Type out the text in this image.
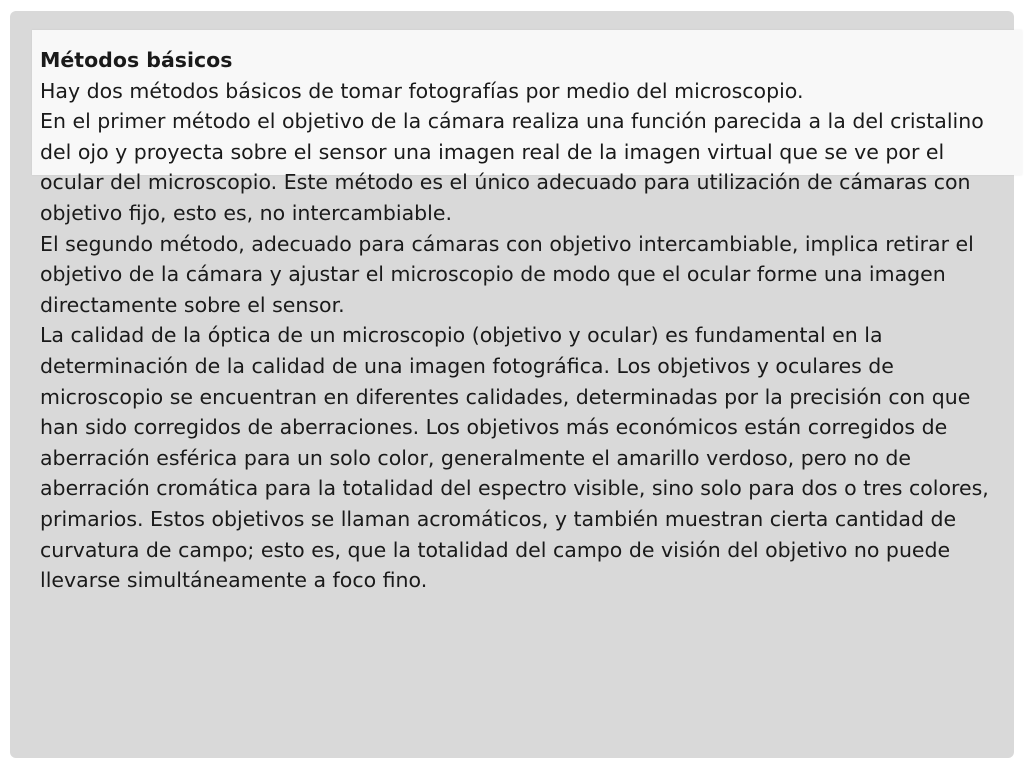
Métodos básicos

Hay dos métodos básicos de tomar fotografías por medio del microscopio.

En el primer método el objetivo de la cámara realiza una función parecida a la del cristalino del ojo y proyecta sobre el sensor una imagen real de la imagen virtual que se ve por el ocular del microscopio. Este método es el único adecuado para utilización de cámaras con objetivo fijo, esto es, no intercambiable.

El segundo método, adecuado para cámaras con objetivo intercambiable, implica retirar el objetivo de la cámara y ajustar el microscopio de modo que el ocular forme una imagen directamente sobre el sensor.

La calidad de la óptica de un microscopio (objetivo y ocular) es fundamental en la determinación de la calidad de una imagen fotográfica. Los objetivos y oculares de microscopio se encuentran en diferentes calidades, determinadas por la precisión con que han sido corregidos de aberraciones. Los objetivos más económicos están corregidos de aberración esférica para un solo color, generalmente el amarillo verdoso, pero no de aberración cromática para la totalidad del espectro visible, sino solo para dos o tres colores, primarios. Estos objetivos se llaman acromáticos, y también muestran cierta cantidad de curvatura de campo; esto es, que la totalidad del campo de visión del objetivo no puede llevarse simultáneamente a foco fino.
